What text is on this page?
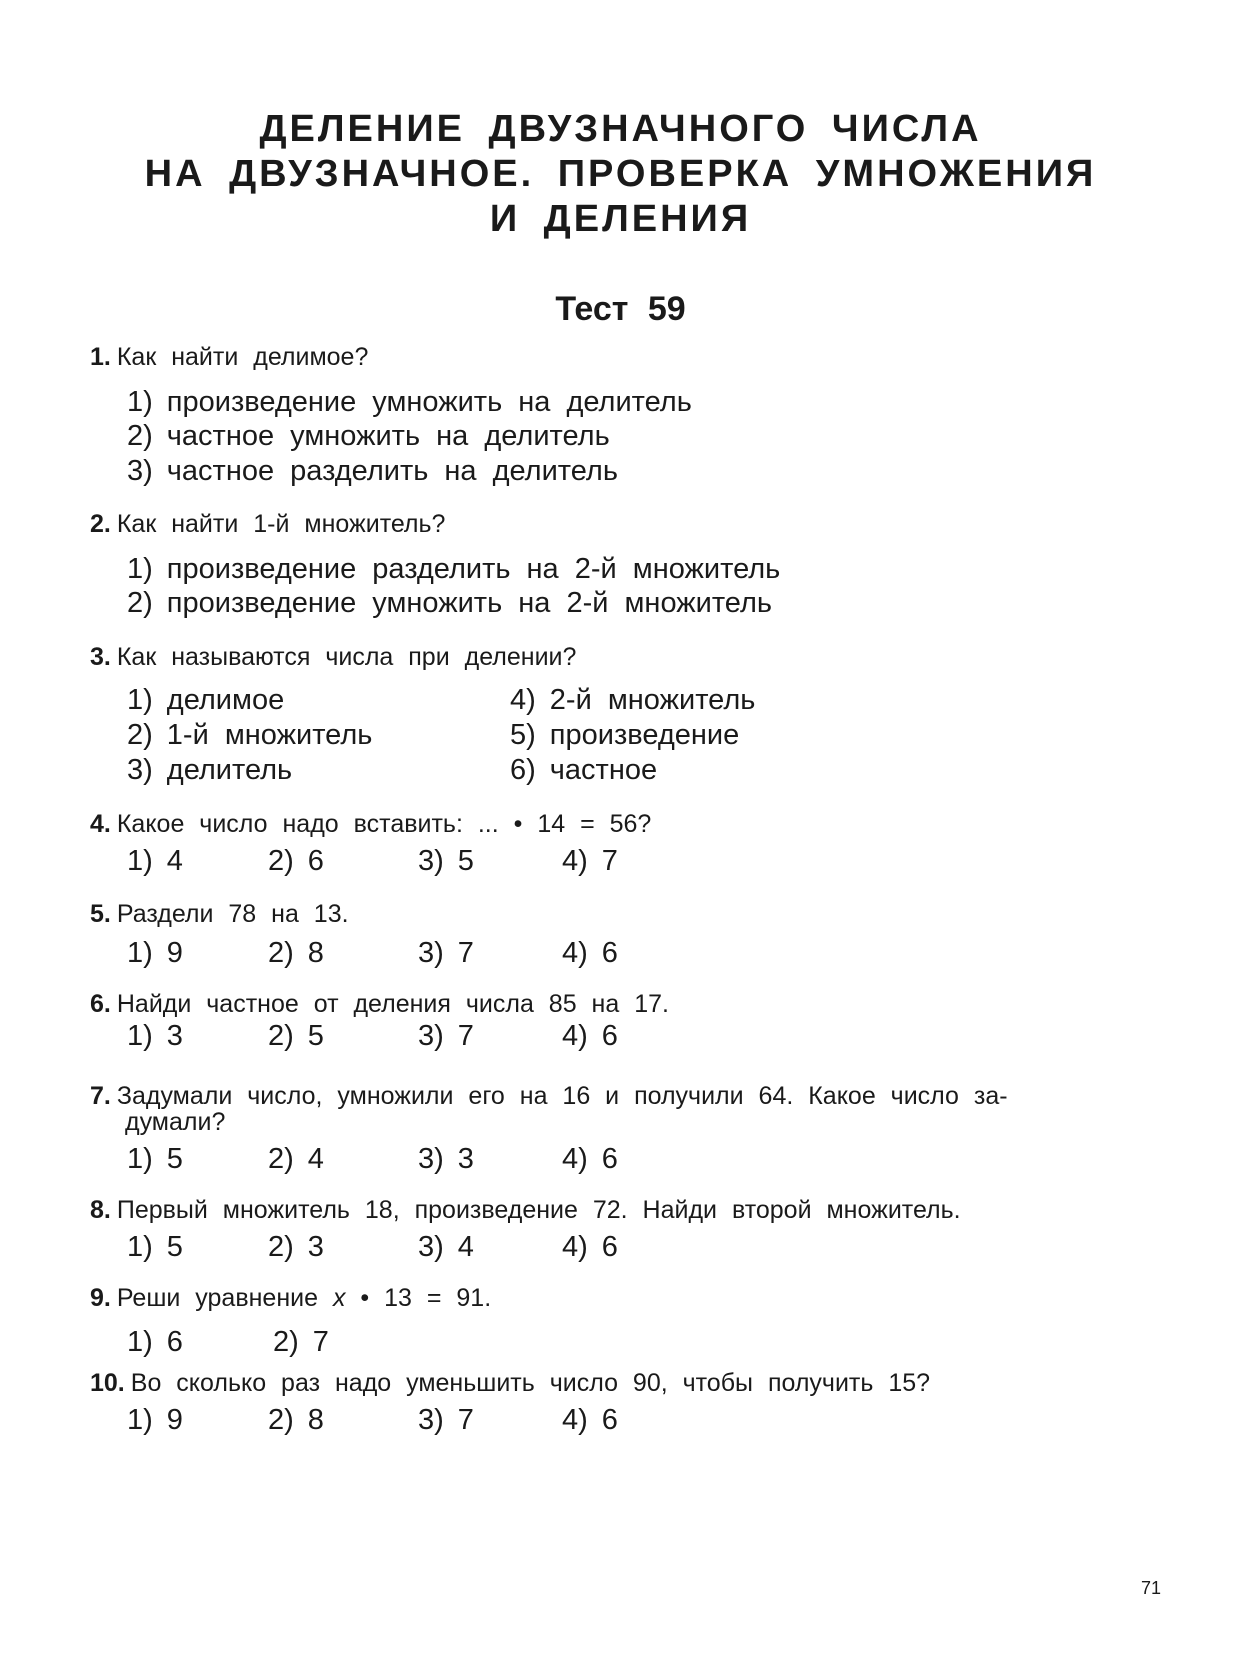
ДЕЛЕНИЕ ДВУЗНАЧНОГО ЧИСЛА
НА ДВУЗНАЧНОЕ. ПРОВЕРКА УМНОЖЕНИЯ
И ДЕЛЕНИЯ
Тест 59
1. Как найти делимое?
1) произведение умножить на делитель
2) частное умножить на делитель
3) частное разделить на делитель
2. Как найти 1-й множитель?
1) произведение разделить на 2-й множитель
2) произведение умножить на 2-й множитель
3. Как называются числа при делении?
1) делимое
2) 1-й множитель
3) делитель
4) 2-й множитель
5) произведение
6) частное
4. Какое число надо вставить: ... • 14 = 56?
1) 4	2) 6	3) 5	4) 7
5. Раздели 78 на 13.
1) 9	2) 8	3) 7	4) 6
6. Найди частное от деления числа 85 на 17.
1) 3	2) 5	3) 7	4) 6
7. Задумали число, умножили его на 16 и получили 64. Какое число за-
думали?
1) 5	2) 4	3) 3	4) 6
8. Первый множитель 18, произведение 72. Найди второй множитель.
1) 5	2) 3	3) 4	4) 6
9. Реши уравнение x • 13 = 91.
1) 6	2) 7
10. Во сколько раз надо уменьшить число 90, чтобы получить 15?
1) 9	2) 8	3) 7	4) 6
71
